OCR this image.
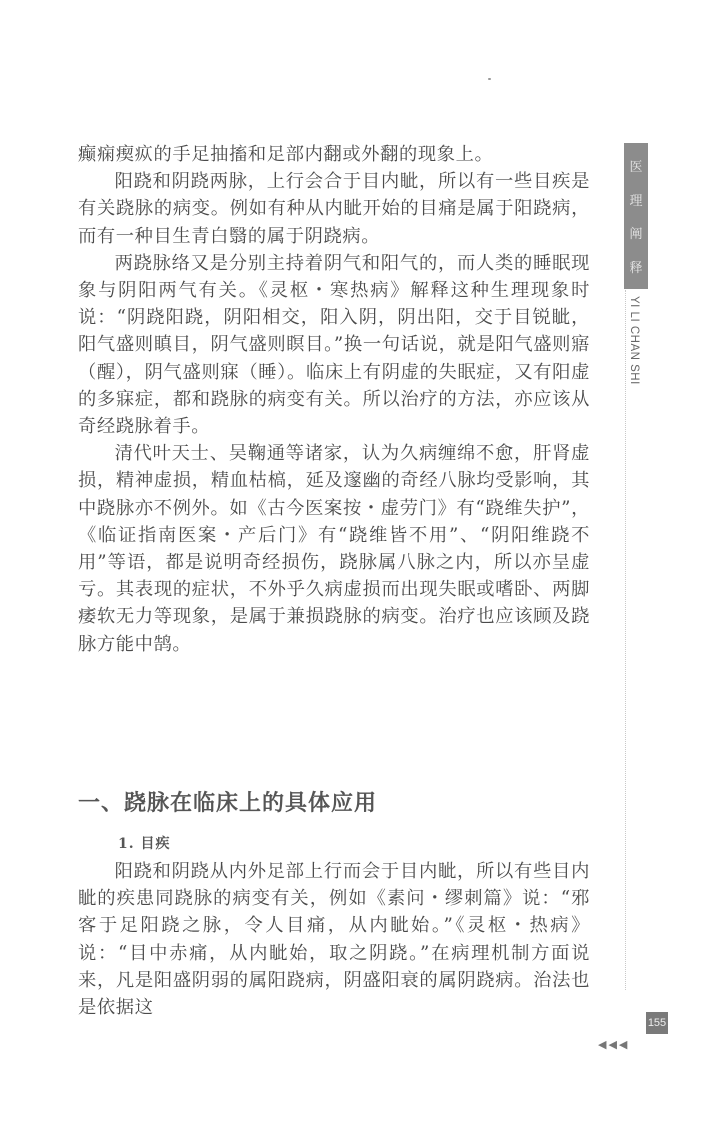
癫痫瘈疭的手足抽搐和足部内翻或外翻的现象上。

阳跷和阴跷两脉，上行会合于目内眦，所以有一些目疾是有关跷脉的病变。例如有种从内眦开始的目痛是属于阳跷病，而有一种目生青白翳的属于阴跷病。

两跷脉络又是分别主持着阴气和阳气的，而人类的睡眠现象与阴阳两气有关。《灵枢・寒热病》解释这种生理现象时说：“阴跷阳跷，阴阳相交，阳入阴，阴出阳，交于目锐眦，阳气盛则瞋目，阴气盛则瞑目。”换一句话说，就是阳气盛则寤（醒），阴气盛则寐（睡）。临床上有阴虚的失眠症，又有阳虚的多寐症，都和跷脉的病变有关。所以治疗的方法，亦应该从奇经跷脉着手。

清代叶天士、吴鞠通等诸家，认为久病缠绵不愈，肝肾虚损，精神虚损，精血枯槁，延及邃幽的奇经八脉均受影响，其中跷脉亦不例外。如《古今医案按・虚劳门》有“跷维失护”，《临证指南医案・产后门》有“跷维皆不用”、“阴阳维跷不用”等语，都是说明奇经损伤，跷脉属八脉之内，所以亦呈虚亏。其表现的症状，不外乎久病虚损而出现失眠或嗜卧、两脚痿软无力等现象，是属于兼损跷脉的病变。治疗也应该顾及跷脉方能中鹄。

一、跷脉在临床上的具体应用
1. 目疾

阳跷和阴跷从内外足部上行而会于目内眦，所以有些目内眦的疾患同跷脉的病变有关，例如《素问・缪刺篇》说：“邪客于足阳跷之脉，令人目痛，从内眦始。”《灵枢・热病》说：“目中赤痛，从内眦始，取之阴跷。”在病理机制方面说来，凡是阳盛阴弱的属阳跷病，阴盛阳衰的属阴跷病。治法也是依据这

医
理
阐
释
YI LI CHAN SHI
155
◀◀◀
